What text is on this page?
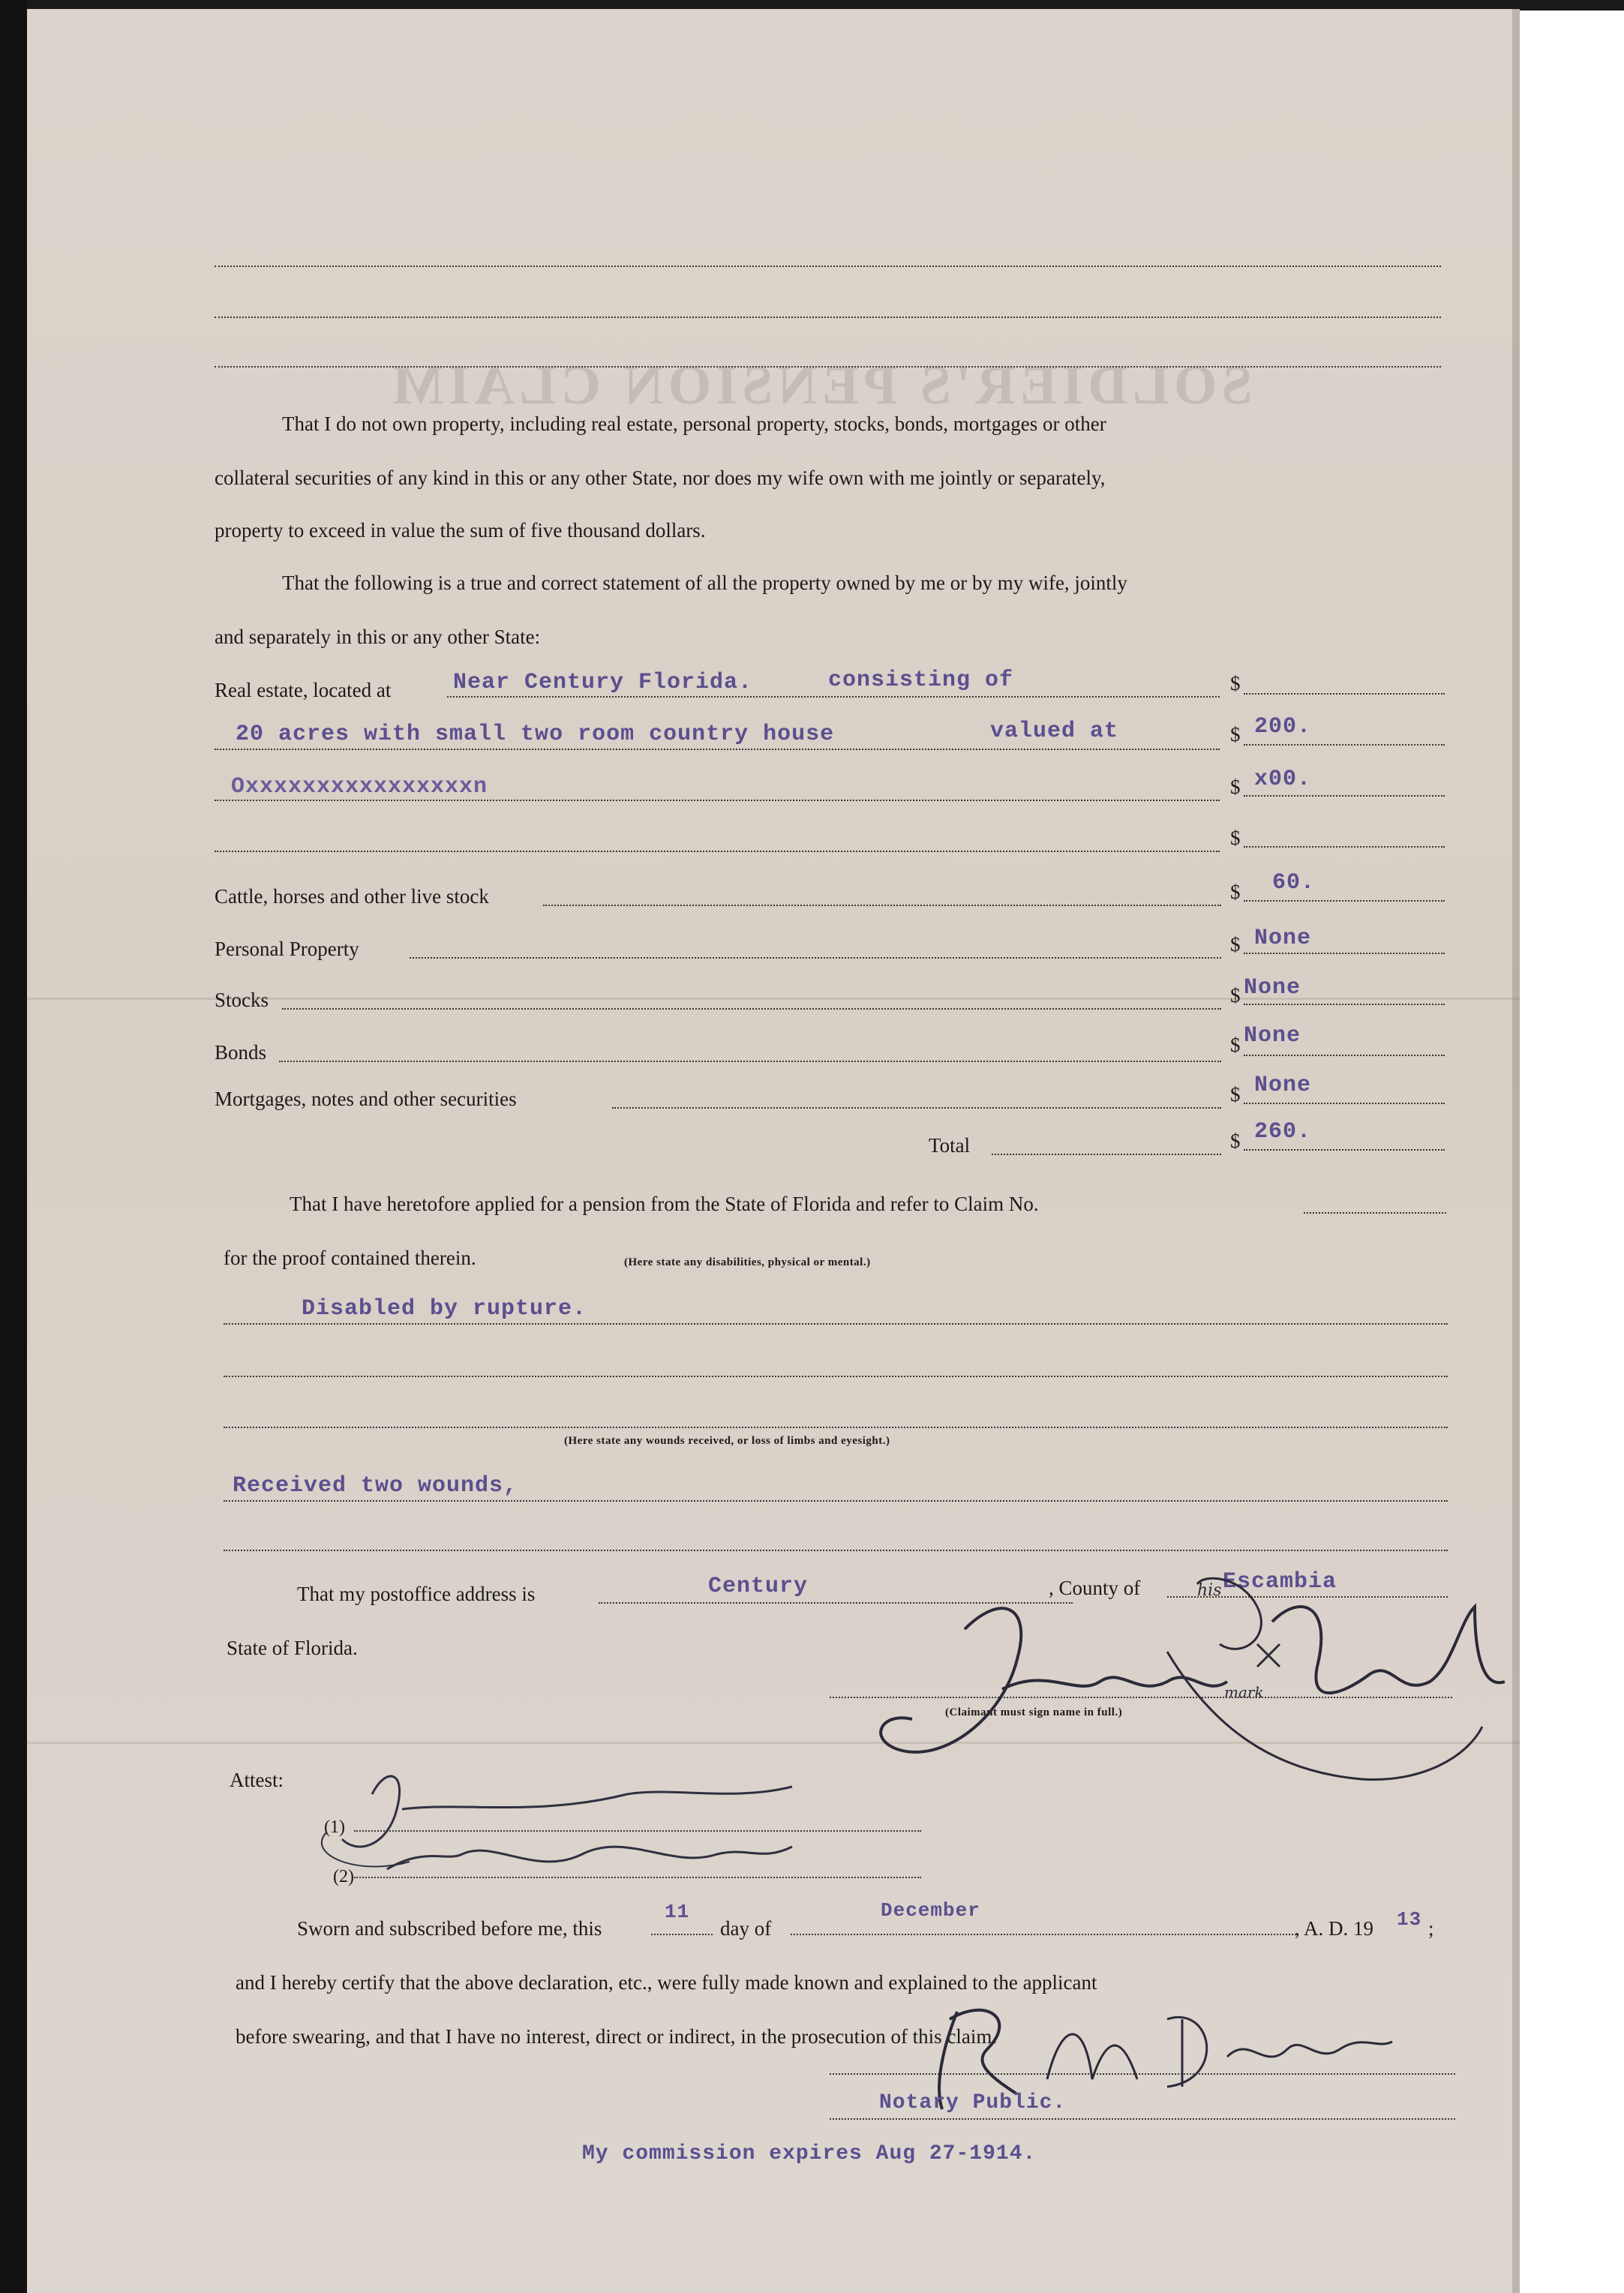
SOLDIER'S PENSION CLAIM
That I do not own property, including real estate, personal property, stocks, bonds, mortgages or other
collateral securities of any kind in this or any other State, nor does my wife own with me jointly or separately,
property to exceed in value the sum of five thousand dollars.
That the following is a true and correct statement of all the property owned by me or by my wife, jointly
and separately in this or any other State:
Real estate, located at	Near Century Florida.	consisting of	$
20 acres with small two room country house	valued at	$ 200.
Oxxxxxxxxxxxxxxxxn	$ x00.
$
Cattle, horses and other live stock	$ 60.
Personal Property	$ None
Stocks	$ None
Bonds	$ None
Mortgages, notes and other securities	$ None
Total	$ 260.
That I have heretofore applied for a pension from the State of Florida and refer to Claim No.
for the proof contained therein.	(Here state any disabilities, physical or mental.)
Disabled by rupture.
(Here state any wounds received, or loss of limbs and eyesight.)
Received two wounds,
That my postoffice address is	Century	, County of	Escambia
State of Florida.
(Claimant must sign name in full.)
his
mark
Attest:
(1)
(2)
Sworn and subscribed before me, this
11
day of
December
, A. D. 19 13 ;
and I hereby certify that the above declaration, etc., were fully made known and explained to the applicant
before swearing, and that I have no interest, direct or indirect, in the prosecution of this claim.
Notary Public.
My commission expires Aug 27-1914.
